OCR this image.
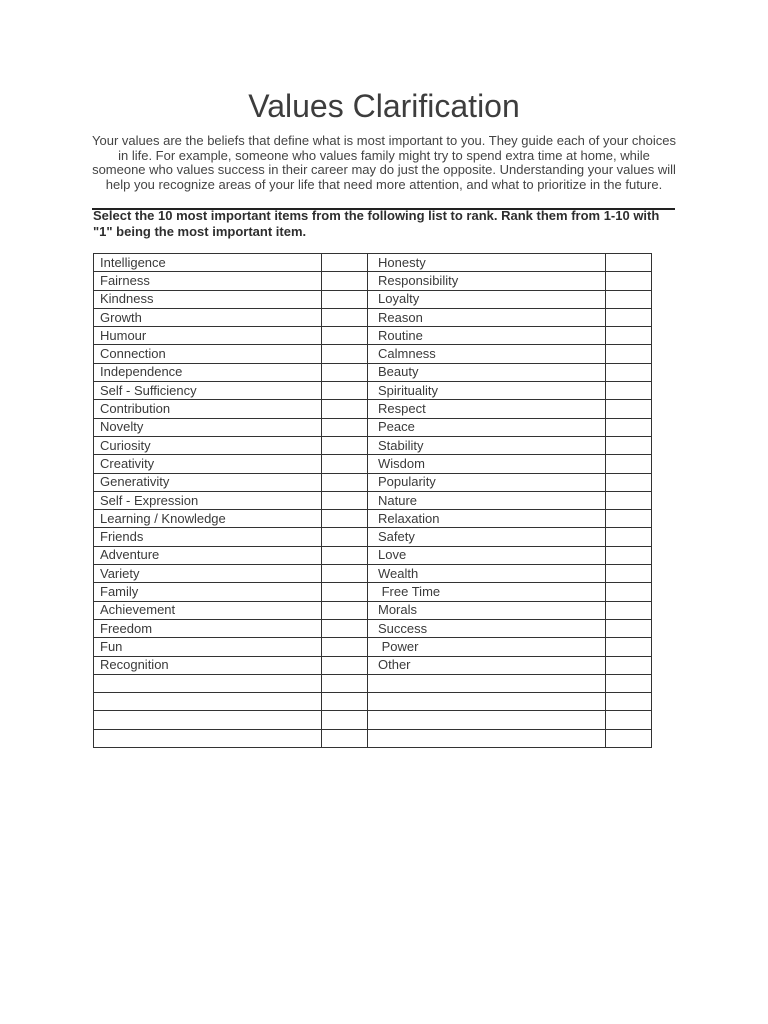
Values Clarification

Your values are the beliefs that define what is most important to you. They guide each of your choices in life. For example, someone who values family might try to spend extra time at home, while someone who values success in their career may do just the opposite. Understanding your values will help you recognize areas of your life that need more attention, and what to prioritize in the future.

Select the 10 most important items from the following list to rank. Rank them from 1-10 with "1" being the most important item.

Intelligence		Honesty	
Fairness		Responsibility	
Kindness		Loyalty	
Growth		Reason	
Humour		Routine	
Connection		Calmness	
Independence		Beauty	
Self - Sufficiency		Spirituality	
Contribution		Respect	
Novelty		Peace	
Curiosity		Stability	
Creativity		Wisdom	
Generativity		Popularity	
Self - Expression		Nature	
Learning / Knowledge		Relaxation	
Friends		Safety	
Adventure		Love	
Variety		Wealth	
Family		Free Time	
Achievement		Morals	
Freedom		Success	
Fun		Power	
Recognition		Other	
